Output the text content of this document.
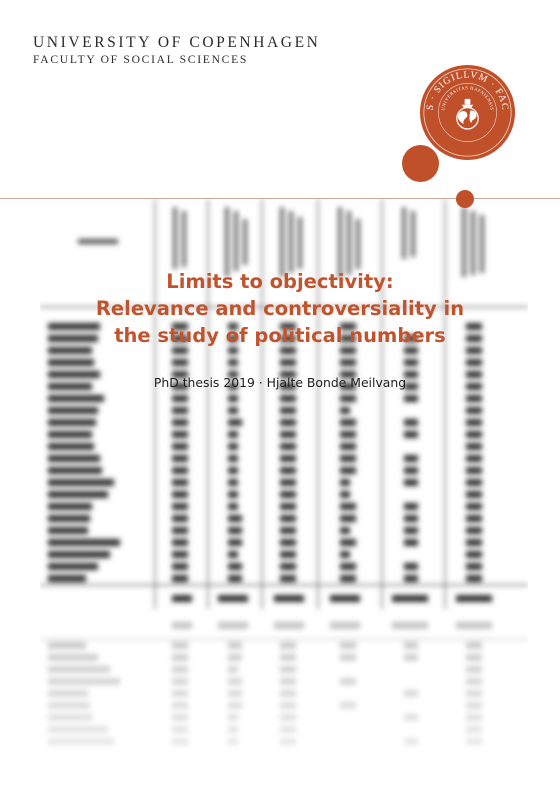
UNIVERSITY OF COPENHAGEN
FACULTY OF SOCIAL SCIENCES
S · SIGILLVM · FAC
UNIVERSITAS HAFNIENSIS
Limits to objectivity:
Relevance and controversiality in
the study of political numbers
PhD thesis 2019 · Hjalte Bonde Meilvang
